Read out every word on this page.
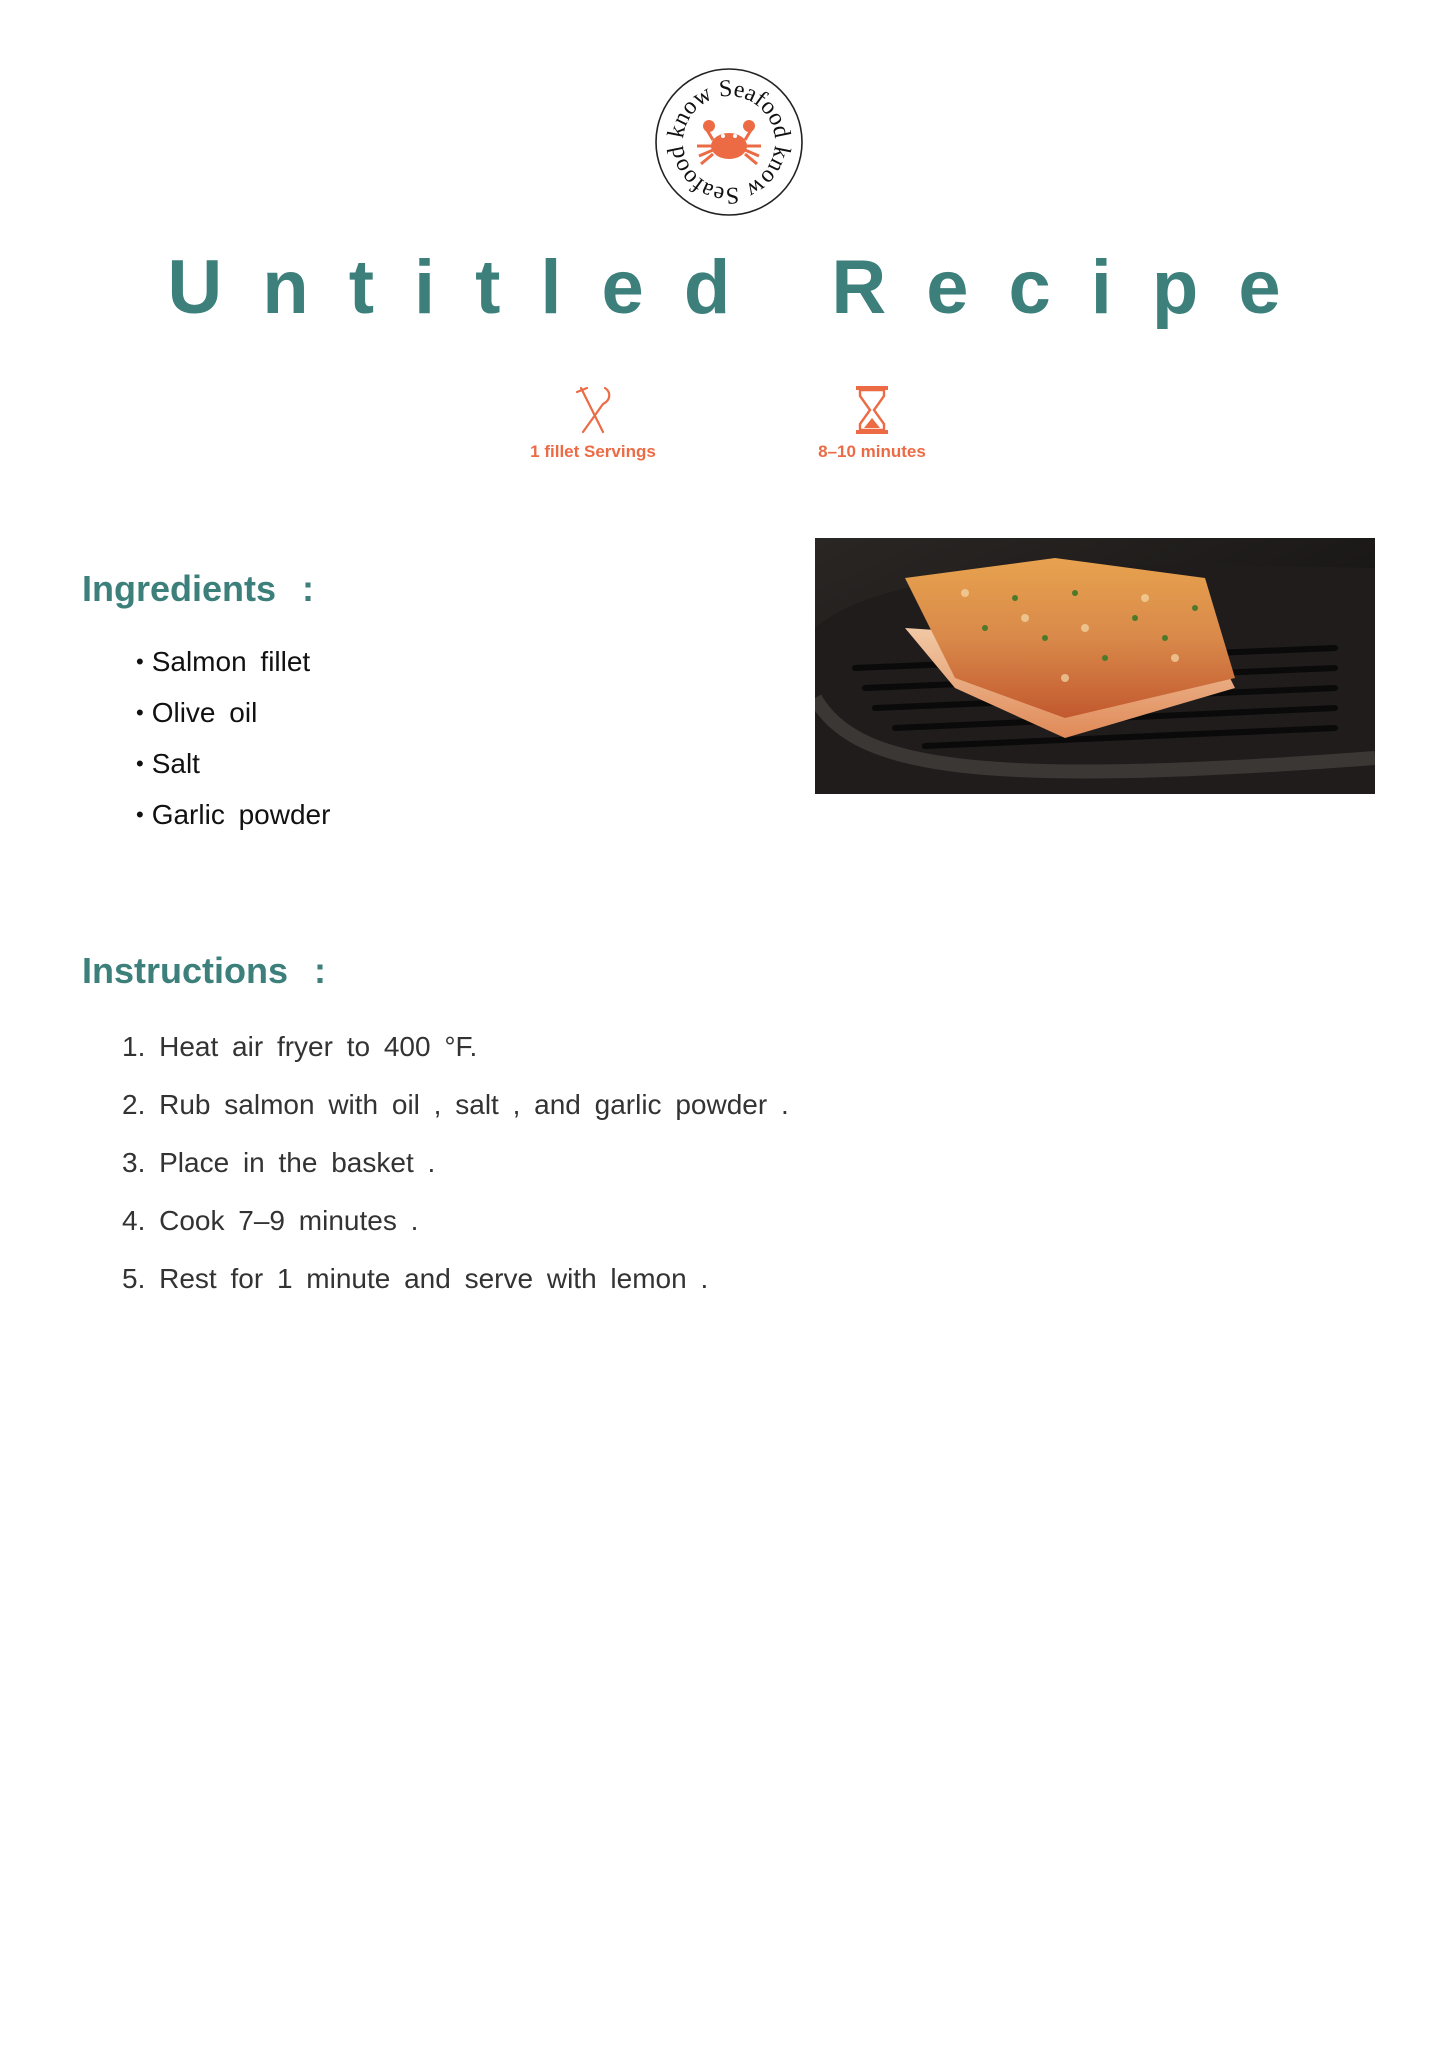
know Seafood
know Seafood
Untitled Recipe
1 fillet Servings	8–10 minutes
Ingredients :
• Salmon fillet
• Olive oil
• Salt
• Garlic powder
Instructions :
1. Heat air fryer to 400 °F.
2. Rub salmon with oil , salt , and garlic powder .
3. Place in the basket .
4. Cook 7–9 minutes .
5. Rest for 1 minute and serve with lemon .
